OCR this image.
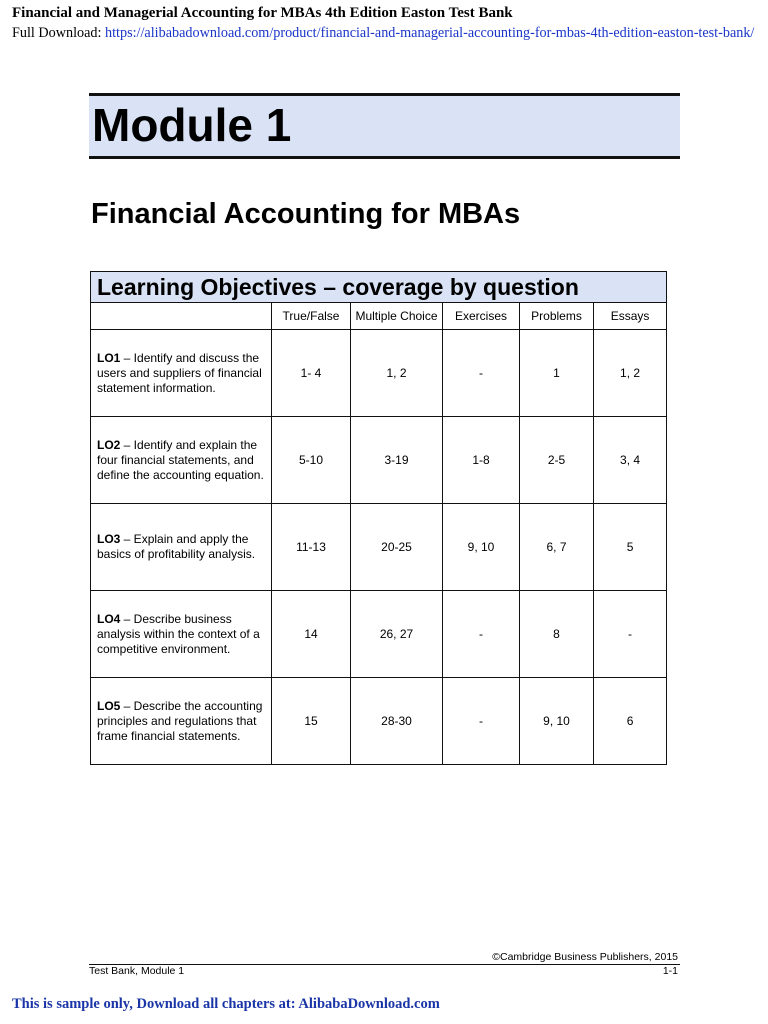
Financial and Managerial Accounting for MBAs 4th Edition Easton Test Bank
Full Download: https://alibabadownload.com/product/financial-and-managerial-accounting-for-mbas-4th-edition-easton-test-bank/
Module 1
Financial Accounting for MBAs
Learning Objectives – coverage by question					
	True/False	Multiple Choice	Exercises	Problems	Essays
LO1 – Identify and discuss the users and suppliers of financial statement information.	1- 4	1, 2	-	1	1, 2
LO2 – Identify and explain the four financial statements, and define the accounting equation.	5-10	3-19	1-8	2-5	3, 4
LO3 – Explain and apply the basics of profitability analysis.	11-13	20-25	9, 10	6, 7	5
LO4 – Describe business analysis within the context of a competitive environment.	14	26, 27	-	8	-
LO5 – Describe the accounting principles and regulations that frame financial statements.	15	28-30	-	9, 10	6
©Cambridge Business Publishers, 2015
Test Bank, Module 1	1-1
This is sample only, Download all chapters at: AlibabaDownload.com
